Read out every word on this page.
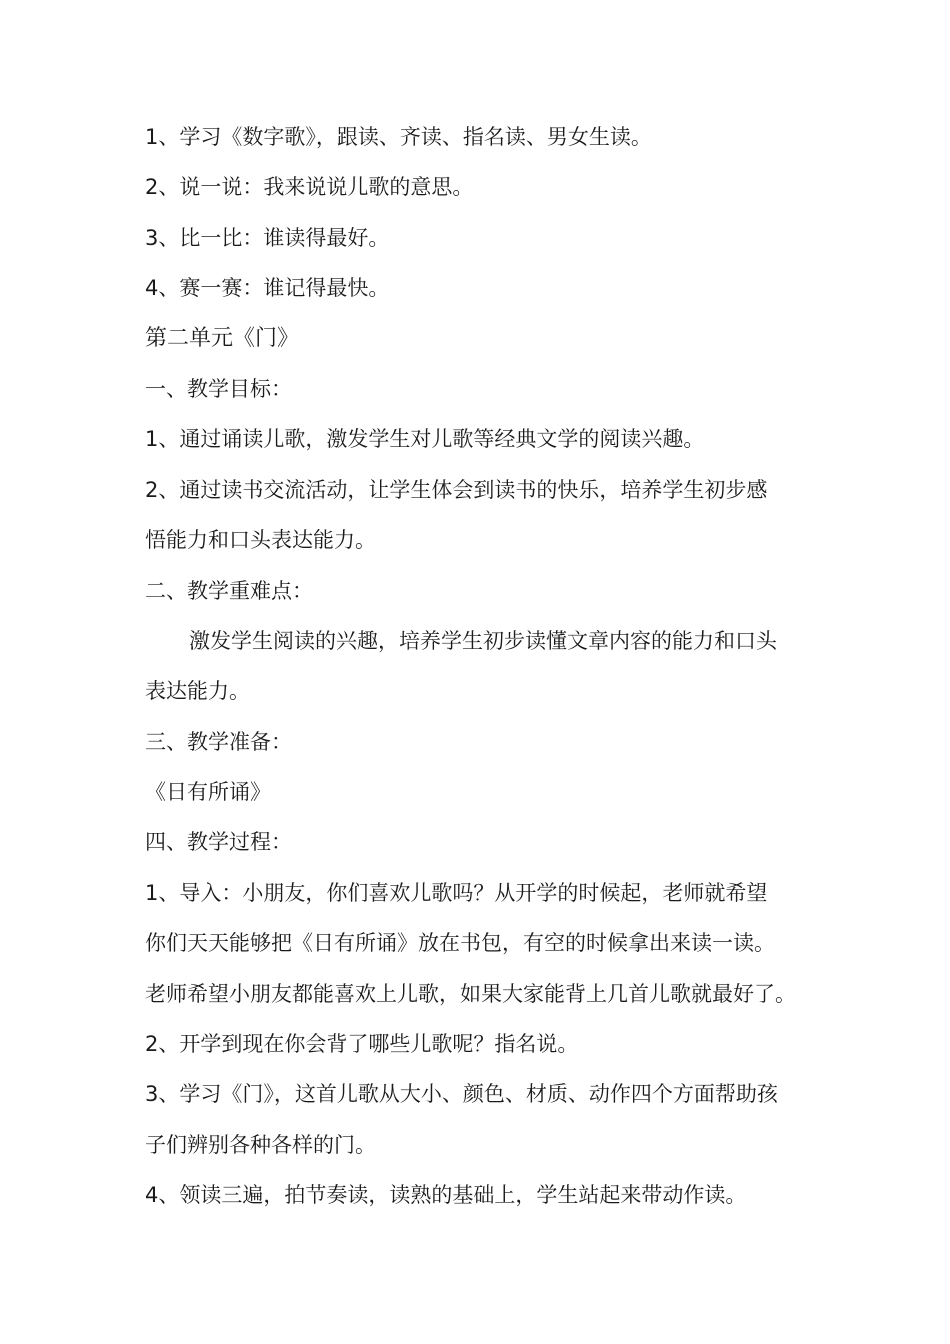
1、学习《数字歌》，跟读、齐读、指名读、男女生读。
2、说一说：我来说说儿歌的意思。
3、比一比：谁读得最好。
4、赛一赛：谁记得最快。
第二单元《门》
一、教学目标：
1、通过诵读儿歌，激发学生对儿歌等经典文学的阅读兴趣。
2、通过读书交流活动，让学生体会到读书的快乐，培养学生初步感
悟能力和口头表达能力。
二、教学重难点：
激发学生阅读的兴趣，培养学生初步读懂文章内容的能力和口头
表达能力。
三、教学准备：
《日有所诵》
四、教学过程：
1、导入：小朋友，你们喜欢儿歌吗？从开学的时候起，老师就希望
你们天天能够把《日有所诵》放在书包，有空的时候拿出来读一读。
老师希望小朋友都能喜欢上儿歌，如果大家能背上几首儿歌就最好了。
2、开学到现在你会背了哪些儿歌呢？指名说。
3、学习《门》，这首儿歌从大小、颜色、材质、动作四个方面帮助孩
子们辨别各种各样的门。
4、领读三遍，拍节奏读，读熟的基础上，学生站起来带动作读。
